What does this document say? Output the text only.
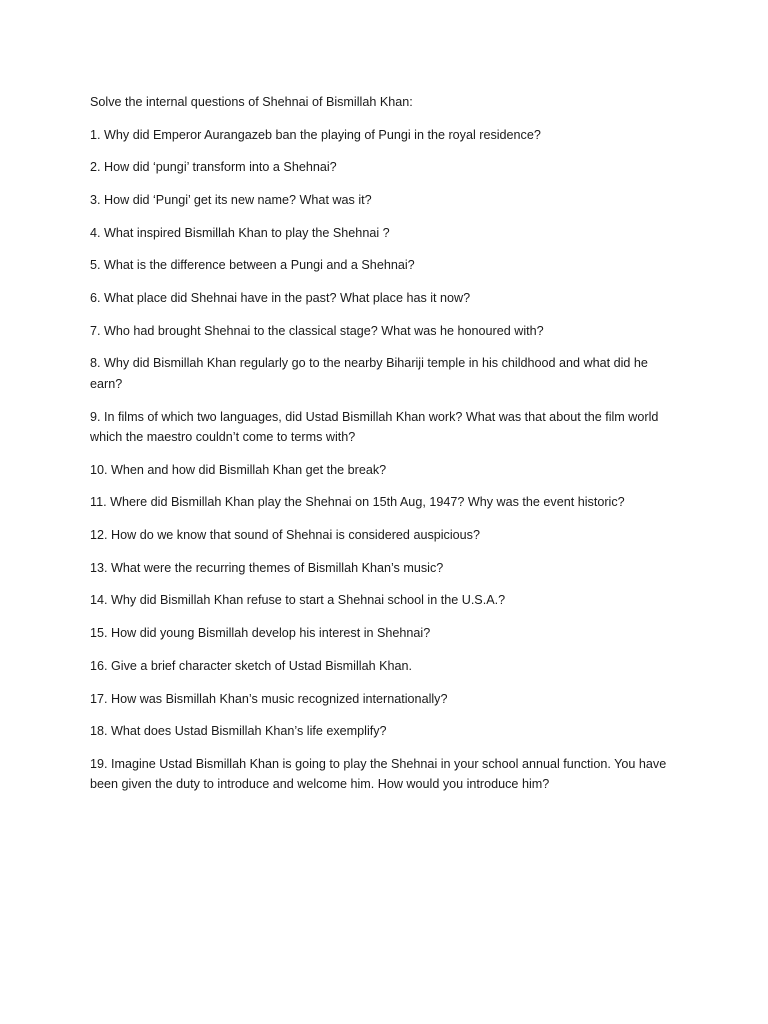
Solve the internal questions of Shehnai of Bismillah Khan:

1. Why did Emperor Aurangazeb ban the playing of Pungi in the royal residence?
2. How did ‘pungi’ transform into a Shehnai?
3. How did ‘Pungi’ get its new name? What was it?
4. What inspired Bismillah Khan to play the Shehnai ?
5. What is the difference between a Pungi and a Shehnai?
6. What place did Shehnai have in the past? What place has it now?
7. Who had brought Shehnai to the classical stage? What was he honoured with?
8. Why did Bismillah Khan regularly go to the nearby Bihariji temple in his childhood and what did he earn?
9. In films of which two languages, did Ustad Bismillah Khan work? What was that about the film world which the maestro couldn’t come to terms with?
10. When and how did Bismillah Khan get the break?
11. Where did Bismillah Khan play the Shehnai on 15th Aug, 1947? Why was the event historic?
12. How do we know that sound of Shehnai is considered auspicious?
13. What were the recurring themes of Bismillah Khan’s music?
14. Why did Bismillah Khan refuse to start a Shehnai school in the U.S.A.?
15. How did young Bismillah develop his interest in Shehnai?
16. Give a brief character sketch of Ustad Bismillah Khan.
17. How was Bismillah Khan’s music recognized internationally?
18. What does Ustad Bismillah Khan’s life exemplify?
19. Imagine Ustad Bismillah Khan is going to play the Shehnai in your school annual function. You have been given the duty to introduce and welcome him. How would you introduce him?
